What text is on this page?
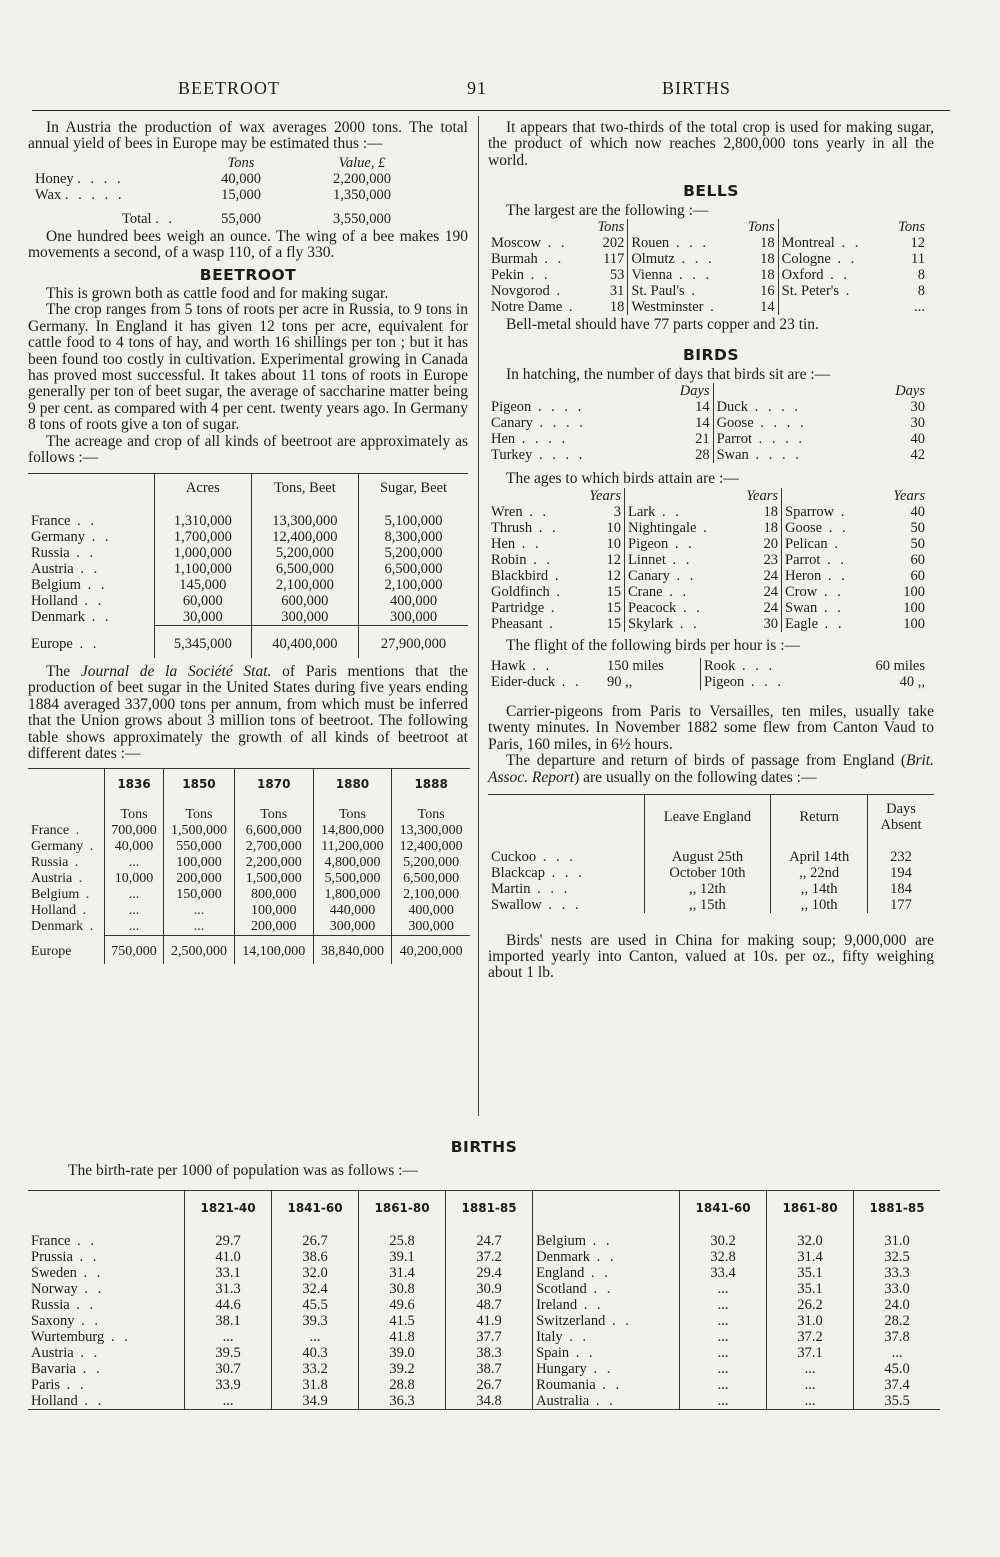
BEETROOT	91	BIRTHS

In Austria the production of wax averages 2000 tons. The total annual yield of bees in Europe may be estimated thus :—

	Tons	Value, £
Honey . . . .	40,000	2,200,000
Wax . . . . .	15,000	1,350,000
Total . .	55,000	3,550,000

One hundred bees weigh an ounce. The wing of a bee makes 190 movements a second, of a wasp 110, of a fly 330.

BEETROOT

This is grown both as cattle food and for making sugar.

The crop ranges from 5 tons of roots per acre in Russia, to 9 tons in Germany. In England it has given 12 tons per acre, equivalent for cattle food to 4 tons of hay, and worth 16 shillings per ton ; but it has been found too costly in cultivation. Experimental growing in Canada has proved most successful. It takes about 11 tons of roots in Europe generally per ton of beet sugar, the average of saccharine matter being 9 per cent. as compared with 4 per cent. twenty years ago. In Germany 8 tons of roots give a ton of sugar.

The acreage and crop of all kinds of beetroot are approximately as follows :—

	Acres	Tons, Beet	Sugar, Beet
France . .	1,310,000	13,300,000	5,100,000
Germany . .	1,700,000	12,400,000	8,300,000
Russia . .	1,000,000	5,200,000	5,200,000
Austria . .	1,100,000	6,500,000	6,500,000
Belgium . .	145,000	2,100,000	2,100,000
Holland . .	60,000	600,000	400,000
Denmark . .	30,000	300,000	300,000
Europe . .	5,345,000	40,400,000	27,900,000

The Journal de la Société Stat. of Paris mentions that the production of beet sugar in the United States during five years ending 1884 averaged 337,000 tons per annum, from which must be inferred that the Union grows about 3 million tons of beetroot. The following table shows approximately the growth of all kinds of beetroot at different dates :—

	1836	1850	1870	1880	1888
	Tons	Tons	Tons	Tons	Tons
France .	700,000	1,500,000	6,600,000	14,800,000	13,300,000
Germany .	40,000	550,000	2,700,000	11,200,000	12,400,000
Russia .	...	100,000	2,200,000	4,800,000	5,200,000
Austria .	10,000	200,000	1,500,000	5,500,000	6,500,000
Belgium .	...	150,000	800,000	1,800,000	2,100,000
Holland .	...	...	100,000	440,000	400,000
Denmark .	...	...	200,000	300,000	300,000
Europe	750,000	2,500,000	14,100,000	38,840,000	40,200,000

It appears that two-thirds of the total crop is used for making sugar, the product of which now reaches 2,800,000 tons yearly in all the world.

BELLS

The largest are the following :—

	Tons		Tons		Tons
Moscow . .	202	Rouen . . .	18	Montreal . .	12
Burmah . .	117	Olmutz . . .	18	Cologne . .	11
Pekin . .	53	Vienna . . .	18	Oxford . .	8
Novgorod .	31	St. Paul's .	16	St. Peter's .	8
Notre Dame .	18	Westminster .	14		...

Bell-metal should have 77 parts copper and 23 tin.

BIRDS

In hatching, the number of days that birds sit are :—

	Days		Days
Pigeon . . . .	14	Duck . . . .	30
Canary . . . .	14	Goose . . . .	30
Hen . . . .	21	Parrot . . . .	40
Turkey . . . .	28	Swan . . . .	42

The ages to which birds attain are :—

	Years		Years		Years
Wren . .	3	Lark . .	18	Sparrow .	40
Thrush . .	10	Nightingale .	18	Goose . .	50
Hen . .	10	Pigeon . .	20	Pelican .	50
Robin . .	12	Linnet . .	23	Parrot . .	60
Blackbird .	12	Canary . .	24	Heron . .	60
Goldfinch .	15	Crane . .	24	Crow . .	100
Partridge .	15	Peacock . .	24	Swan . .	100
Pheasant .	15	Skylark . .	30	Eagle . .	100

The flight of the following birds per hour is :—

Hawk . .	150 miles	Rook . . .	60 miles
Eider-duck . .	90 ,,	Pigeon . . .	40 ,,

Carrier-pigeons from Paris to Versailles, ten miles, usually take twenty minutes. In November 1882 some flew from Canton Vaud to Paris, 160 miles, in 6½ hours.

The departure and return of birds of passage from England (Brit. Assoc. Report) are usually on the following dates :—

	Leave England	Return	Days Absent
Cuckoo . . .	August 25th	April 14th	232
Blackcap . . .	October 10th	,, 22nd	194
Martin . . .	,, 12th	,, 14th	184
Swallow . . .	,, 15th	,, 10th	177

Birds' nests are used in China for making soup; 9,000,000 are imported yearly into Canton, valued at 10s. per oz., fifty weighing about 1 lb.

BIRTHS

The birth-rate per 1000 of population was as follows :—

	1821-40	1841-60	1861-80	1881-85		1841-60	1861-80	1881-85
France . .	29.7	26.7	25.8	24.7	Belgium . .	30.2	32.0	31.0
Prussia . .	41.0	38.6	39.1	37.2	Denmark . .	32.8	31.4	32.5
Sweden . .	33.1	32.0	31.4	29.4	England . .	33.4	35.1	33.3
Norway . .	31.3	32.4	30.8	30.9	Scotland . .	...	35.1	33.0
Russia . .	44.6	45.5	49.6	48.7	Ireland . .	...	26.2	24.0
Saxony . .	38.1	39.3	41.5	41.9	Switzerland . .	...	31.0	28.2
Wurtemburg . .	...	...	41.8	37.7	Italy . .	...	37.2	37.8
Austria . .	39.5	40.3	39.0	38.3	Spain . .	...	37.1	...
Bavaria . .	30.7	33.2	39.2	38.7	Hungary . .	...	...	45.0
Paris . .	33.9	31.8	28.8	26.7	Roumania . .	...	...	37.4
Holland . .	...	34.9	36.3	34.8	Australia . .	...	...	35.5
